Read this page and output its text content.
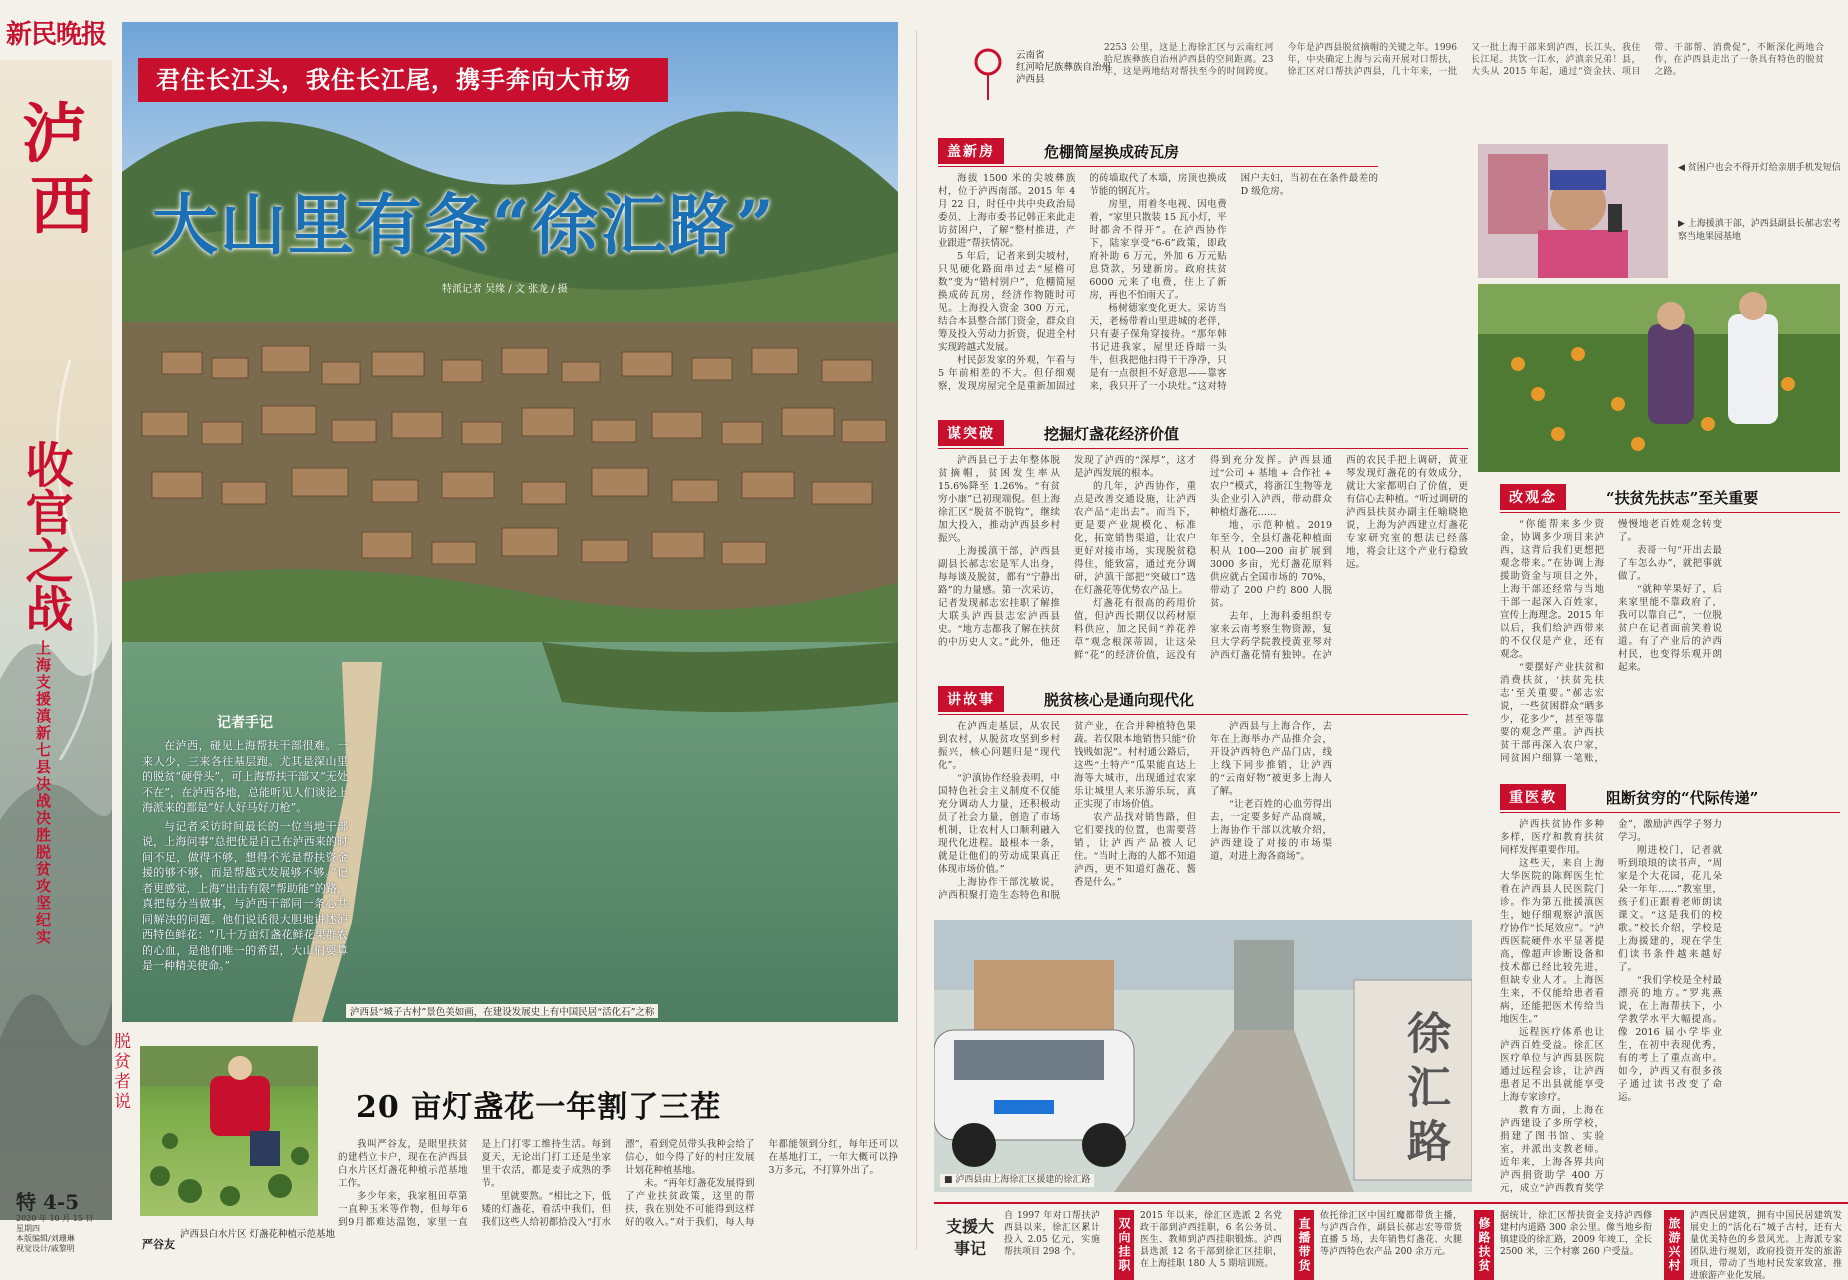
新民晚报
泸
西
收官之战
上海支援滇新七县决战决胜脱贫攻坚纪实
特 4-5
2020 年 10 月 15 日
星期四
本版编辑/刘珊琳
视觉设计/戚黎明
君住长江头，我住长江尾，携手奔向大市场
大山里有条“徐汇路”
特派记者 吴缘 / 文 张龙 / 摄
记者手记

在泸西，碰见上海帮扶干部很难。一来人少，三来各往基层跑。尤其是深山里的脱贫“硬骨头”，可上海帮扶干部又“无处不在”，在泸西各地，总能听见人们谈论上海派来的都是“好人好马好刀枪”。

与记者采访时间最长的一位当地干部说，上海问事“总把优是自己在泸西来的时间不足，做得不够，想得不光是帮扶资金援的够不够，而是帮越式发展够不够。”记者更感觉，上海“出击有限”帮助能”的路，真把每分当做事，与泸西干部同一条心共同解决的问题。他们说话很大胆地讲述泸西特色鲜花：“几十万亩灯盏花鲜花果群农的心血，是他们唯一的希望，大山们要算是一种精美使命。”

泸西县“城子古村”景色美如画，在建设发展史上有中国民居“活化石”之称
严谷友
泸西县白水片区 灯盏花种植示范基地
20 亩灯盏花一年割了三茬

我叫严谷友，是眼里扶贫的建档立卡户，现在在泸西县白水片区灯盏花种植示范基地工作。

多少年来，我家租田草第一直种玉米等作物，但每年6到9月都难达温饱，家里一直是上门打零工维持生活。每到夏天，无论出门打工还是坐家里干农活，都是麦子成熟的季节。

里就要熬。“相比之下，低矮的灯盏花，看活中我们，但我们这些人给初都拾没入“打水漂”，看到党员带头我种会给了信心，如今得了好的村庄发展计划花种植基地。

未。“再年灯盏花发展得到了产业扶贫政策，这里的帮扶，我在别处不可能得到这样好的收入。”对于我们，每人每年都能领到分红，每年还可以在基地打工，一年大概可以挣3万多元，不打算外出了。

脱贫者说
云南省
红河哈尼族彝族自治州
泸西县
2253 公里，这是上海徐汇区与云南红河哈尼族彝族自治州泸西县的空间距离。23年，这是两地结对帮扶至今的时间跨度。今年是泸西县脱贫摘帽的关键之年。1996年，中央确定上海与云南开展对口帮扶，徐汇区对口帮扶泸西县，几十年来，一批又一批上海干部来到泸西，长江头，我住长江尾。共饮一江水，泸滇亲兄弟！县，大头从 2015 年起，通过“资金扶、项目带、干部帮、消费促”，不断深化两地合作，在泸西县走出了一条具有特色的脱贫之路。
盖新房	危棚简屋换成砖瓦房

海拔 1500 米的尖坡彝族村，位于泸西南部。2015 年 4 月 22 日，时任中共中央政治局委员、上海市委书记韩正来此走访贫困户，了解“整村推进，产业跟进”帮扶情况。

5 年后，记者来到尖坡村，只见硬化路面串过去“屋檐可数”变为“错村别户”，危棚简屋换成砖瓦房，经济作物随时可见。上海投入资金 300 万元，结合本县整合部门资金，群众自筹及投入劳动力折资，促进全村实现跨越式发展。

村民彭发家的外观，乍看与 5 年前相差的不大。但仔细观察，发现房屋完全是重新加固过的砖墙取代了木墙，房顶也换成节能的钢瓦片。

房里，用着冬电视、因电费着，“家里只散装 15 瓦小灯，平时都舍不得开”。在泸西协作下，陆家享受“6-6”政策，即政府补助 6 万元，外加 6 万元贴息贷款，另建新房。政府扶贫 6000 元来了电费，住上了新房，再也不怕雨天了。

杨树德家变化更大。采访当天，老杨带着山里进城的老伴，只有妻子保角穿接待。“那年韩书记进我家，屋里还昏暗一头牛，但我把他扫得干干净净，只是有一点很担不好意思——靠客来，我只开了一小块灶。”这对特困户夫妇，当初在在条件最差的 D 级危房。

◀ 贫困户也会不得开灯给亲朋手机发短信
▶ 上海援滇干部，泸西县副县长郝志宏考察当地果园基地
谋突破	挖掘灯盏花经济价值

泸西县已于去年整体脱贫摘帽，贫困发生率从 15.6%降至 1.26%。“有贫穷小康”已初现端倪。但上海徐汇区“脱贫不脱钩”，继续加大投入，推动泸西县乡村振兴。

上海援滇干部，泸西县副县长郝志宏是军人出身，每每谈及脱贫，都有“宁静出路”的力量感。第一次采访，记者发现郝志宏挂职了解推大联头泸西县志宏泸西县史。“地方志都我了解在扶贫的中历史人文。”此外，他还发现了泸西的“深厚”，这才是泸西发展的根本。

的几年，泸西协作，重点是改善交通设施，让泸西农产品“走出去”。而当下，更是要产业规模化、标准化，拓宽销售渠道，让农户更好对接市场，实现脱贫稳得住，能致富，通过充分调研，泸滇干部把“突破口”选在灯盏花等优势农产品上。

灯盏花有很高的药用价值，但泸西长期仅以药材原料供应，加之民间“养花养草”观念根深蒂固，让这朵鲜“花”的经济价值，远没有得到充分发挥。泸西县通过“公司 + 基地 + 合作社 + 农户”模式，将浙江生物等龙头企业引入泸西，带动群众种植灯盏花……

地，示范种植。2019 年至今，全县灯盏花种植面积从 100—200 亩扩展到 3000 多亩，光灯盏花原料供应就占全国市场的 70%，带动了 200 户约 800 人脱贫。

去年，上海科委组织专家来云南考察生物资源，复旦大学药学院教授黄亚琴对泸西灯盏花情有独钟。在泸西的农民手把上调研，黄亚琴发现灯盏花的有效成分，就让大家都明白了价值，更有信心去种植。“听过调研的泸西县扶贫办副主任喻晓艳说，上海为泸西建立灯盏花专家研究室的想法已经落地，将会让这个产业行稳致远。

改观念	“扶贫先扶志”至关重要

“你能帮来多少资金，协调多少项目来泸西，这背后我们更想把观念带来。”在协调上海援助资金与项目之外，上海干部还经常与当地干部一起深入百姓家，宣传上海理念。2015 年以后，我们给泸西带来的不仅仅是产业，还有观念。

“要摆好产业扶贫和消费扶贫，‘扶贫先扶志’至关重要。”郝志宏说，一些贫困群众“晒多少，花多少”，甚至等靠要的观念严重。泸西扶贫干部再深入农户家，同贫困户细算一笔账，慢慢地老百姓观念转变了。

表哥一句“开出去最了车怎么办”，就把事就做了。

“就种苹果好了，后来家里能不靠政府了，我可以靠自己”，一位脱贫户在记者面前笑着说道。有了产业后的泸西村民，也变得乐观开朗起来。

讲故事	脱贫核心是通向现代化

在泸西走基层，从农民到农村，从脱贫攻坚到乡村振兴，核心问题归是“现代化”。

“沪滇协作经验表明，中国特色社会主义制度不仅能充分调动人力量，还积极动员了社会力量，创造了市场机制，让农村人口顺利融入现代化进程。最根本一条，就是让他们的劳动成果真正体现市场价值。”

上海协作干部沈敏说，泸西积聚打造生态特色和脱贫产业，在合并种植特色果蔬。若仅限本地销售只能“价钱贱如泥”。村村通公路后，这些“土特产”瓜果能直达上海等大城市，出现通过农家乐让城里人来乐游乐玩，真正实现了市场价值。

农产品找对销售路，但它们要找的位置，也需要营销，让泸西产品被人记住。“当时上海的人都不知道泸西，更不知道灯盏花、酱香是什么。”

泸西县与上海合作，去年在上海举办产品推介会，开设泸西特色产品门店，线上线下同步推销，让泸西的“云南好物”被更多上海人了解。

“让老百姓的心血劳得出去，一定要多好产品商城，上海协作干部以沈敏介绍，泸西建设了对接的市场渠道，对进上海各商场”。

重医教	阻断贫穷的“代际传递”

泸西扶贫协作多种多样，医疗和教育扶贫同样发挥重要作用。

这些天，来自上海大华医院的陈辉医生忙着在泸西县人民医院门诊。作为第五批援滇医生，她仔细观察泸滇医疗协作“长尾效应”。“泸西医院硬件水平显著提高，像超声诊断设备和技术都已经比较先进，但缺专业人才。上海医生来，不仅能给患者看病，还能把医术传给当地医生。”

远程医疗体系也让泸西百姓受益。徐汇区医疗单位与泸西县医院通过远程会诊，让泸西患者足不出县就能享受上海专家诊疗。

教育方面，上海在泸西建设了多所学校，捐建了图书馆、实验室，并派出支教老师。近年来，上海各界共向泸西捐资助学 400 万元，成立“泸西教育奖学金”，激励泸西学子努力学习。

刚进校门，记者就听到琅琅的读书声，“周家是个大花园，花儿朵朵一年年……”教室里，孩子们正跟着老师朗读课文。“这是我们的校歌。”校长介绍，学校是上海援建的，现在学生们读书条件越来越好了。

“我们学校是全村最漂亮的地方。”罗兆燕说，在上海帮扶下，小学教学水平大幅提高。像 2016 届小学毕业生，在初中表现优秀，有的考上了重点高中。如今，泸西又有很多孩子通过读书改变了命运。

徐汇路
■ 泸西县由上海徐汇区援建的徐汇路
支援大事记
自 1997 年对口帮扶泸西县以来，徐汇区累计投入 2.05 亿元，实施帮扶项目 298 个。	双向挂职
2015 年以来，徐汇区选派 2 名党政干部到泸西挂职，6 名公务员、医生、教师到泸西挂职锻炼。泸西县选派 12 名干部到徐汇区挂职，在上海挂职 180 人 5 期培训班。	直播带货
依托徐汇区中国红魔都带货主播，与泸西合作，副县长郝志宏等带货直播 5 场，去年销售灯盏花、火腿等泸西特色农产品 200 余万元。	修路扶贫
据统计，徐汇区帮扶资金支持泸西修建村内道路 300 余公里。像当地乡衔镇建设的徐汇路，2009 年竣工，全长 2500 米，三个村寨 260 户受益。	旅游兴村
泸西民居建筑，拥有中国民居建筑发展史上的“活化石”城子古村，还有大量优美特色的乡景风光。上海派专家团队进行规划，政府投资开发的旅游项目，带动了当地村民发家致富，推进旅游产业化发展。
